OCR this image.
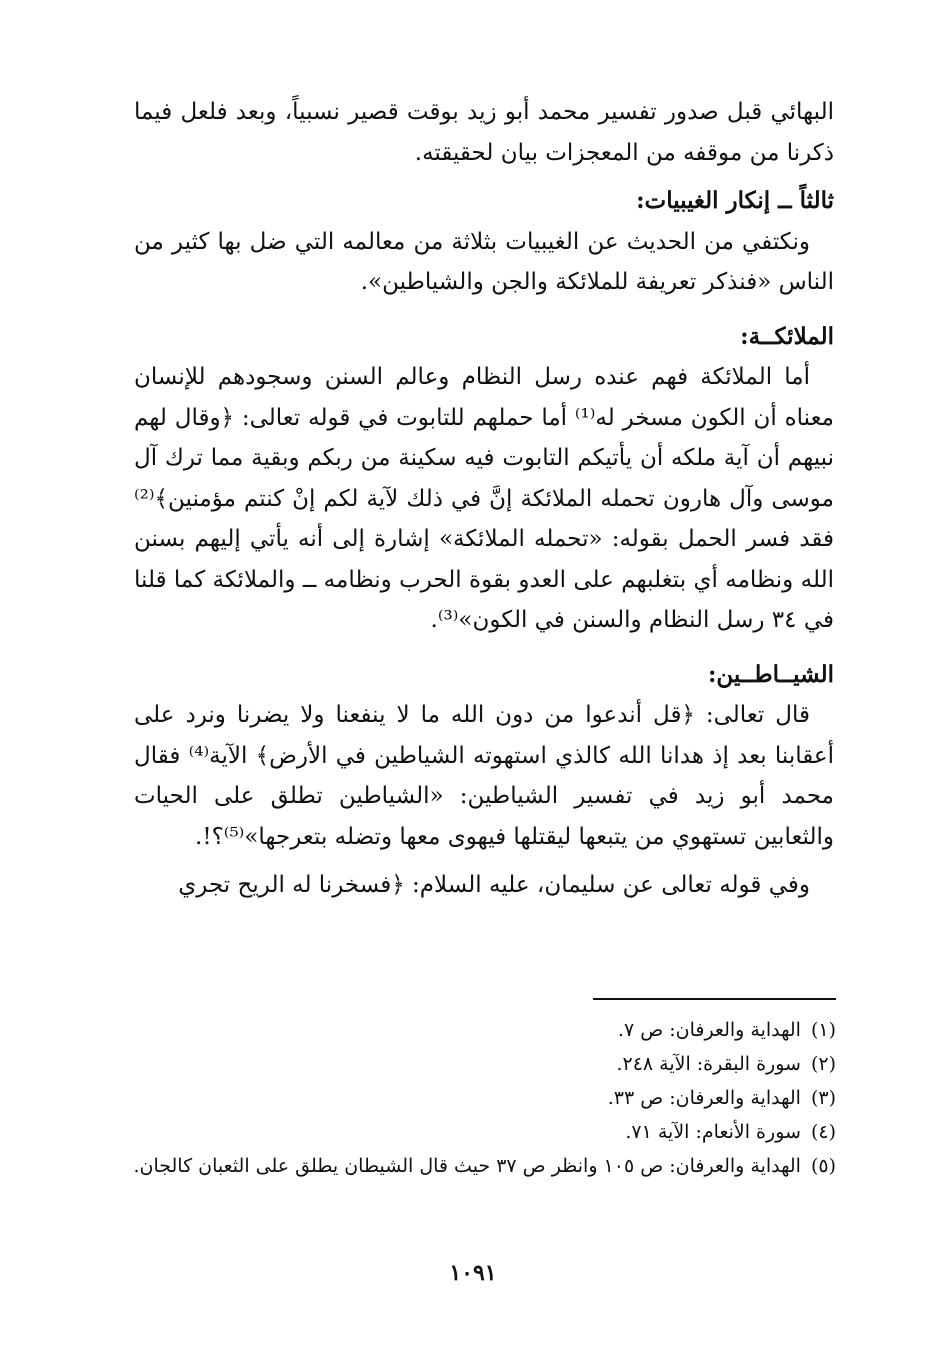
البهائي قبل صدور تفسير محمد أبو زيد بوقت قصير نسبياً، وبعد فلعل فيما ذكرنا من موقفه من المعجزات بيان لحقيقته.

ثالثاً ــ إنكار الغيبيات:

ونكتفي من الحديث عن الغيبيات بثلاثة من معالمه التي ضل بها كثير من الناس «فنذكر تعريفة للملائكة والجن والشياطين».

الملائكــة:

أما الملائكة فهم عنده رسل النظام وعالم السنن وسجودهم للإنسان معناه أن الكون مسخر له⁽¹⁾ أما حملهم للتابوت في قوله تعالى: ﴿وقال لهم نبيهم أن آية ملكه أن يأتيكم التابوت فيه سكينة من ربكم وبقية مما ترك آل موسى وآل هارون تحمله الملائكة إنَّ في ذلك لآية لكم إنْ كنتم مؤمنين﴾⁽²⁾ فقد فسر الحمل بقوله: «تحمله الملائكة» إشارة إلى أنه يأتي إليهم بسنن الله ونظامه أي بتغلبهم على العدو بقوة الحرب ونظامه ــ والملائكة كما قلنا في ٣٤ رسل النظام والسنن في الكون»⁽³⁾.

الشيــاطــين:

قال تعالى: ﴿قل أندعوا من دون الله ما لا ينفعنا ولا يضرنا ونرد على أعقابنا بعد إذ هدانا الله كالذي استهوته الشياطين في الأرض﴾ الآية⁽⁴⁾ فقال محمد أبو زيد في تفسير الشياطين: «الشياطين تطلق على الحيات والثعابين تستهوي من يتبعها ليقتلها فيهوى معها وتضله بتعرجها»⁽⁵⁾؟!.

وفي قوله تعالى عن سليمان، عليه السلام: ﴿فسخرنا له الريح تجري

(١)الهداية والعرفان: ص ٧.

(٢)سورة البقرة: الآية ٢٤٨.

(٣)الهداية والعرفان: ص ٣٣.

(٤)سورة الأنعام: الآية ٧١.

(٥)الهداية والعرفان: ص ١٠٥ وانظر ص ٣٧ حيث قال الشيطان يطلق على الثعبان كالجان.

١٠٩١
